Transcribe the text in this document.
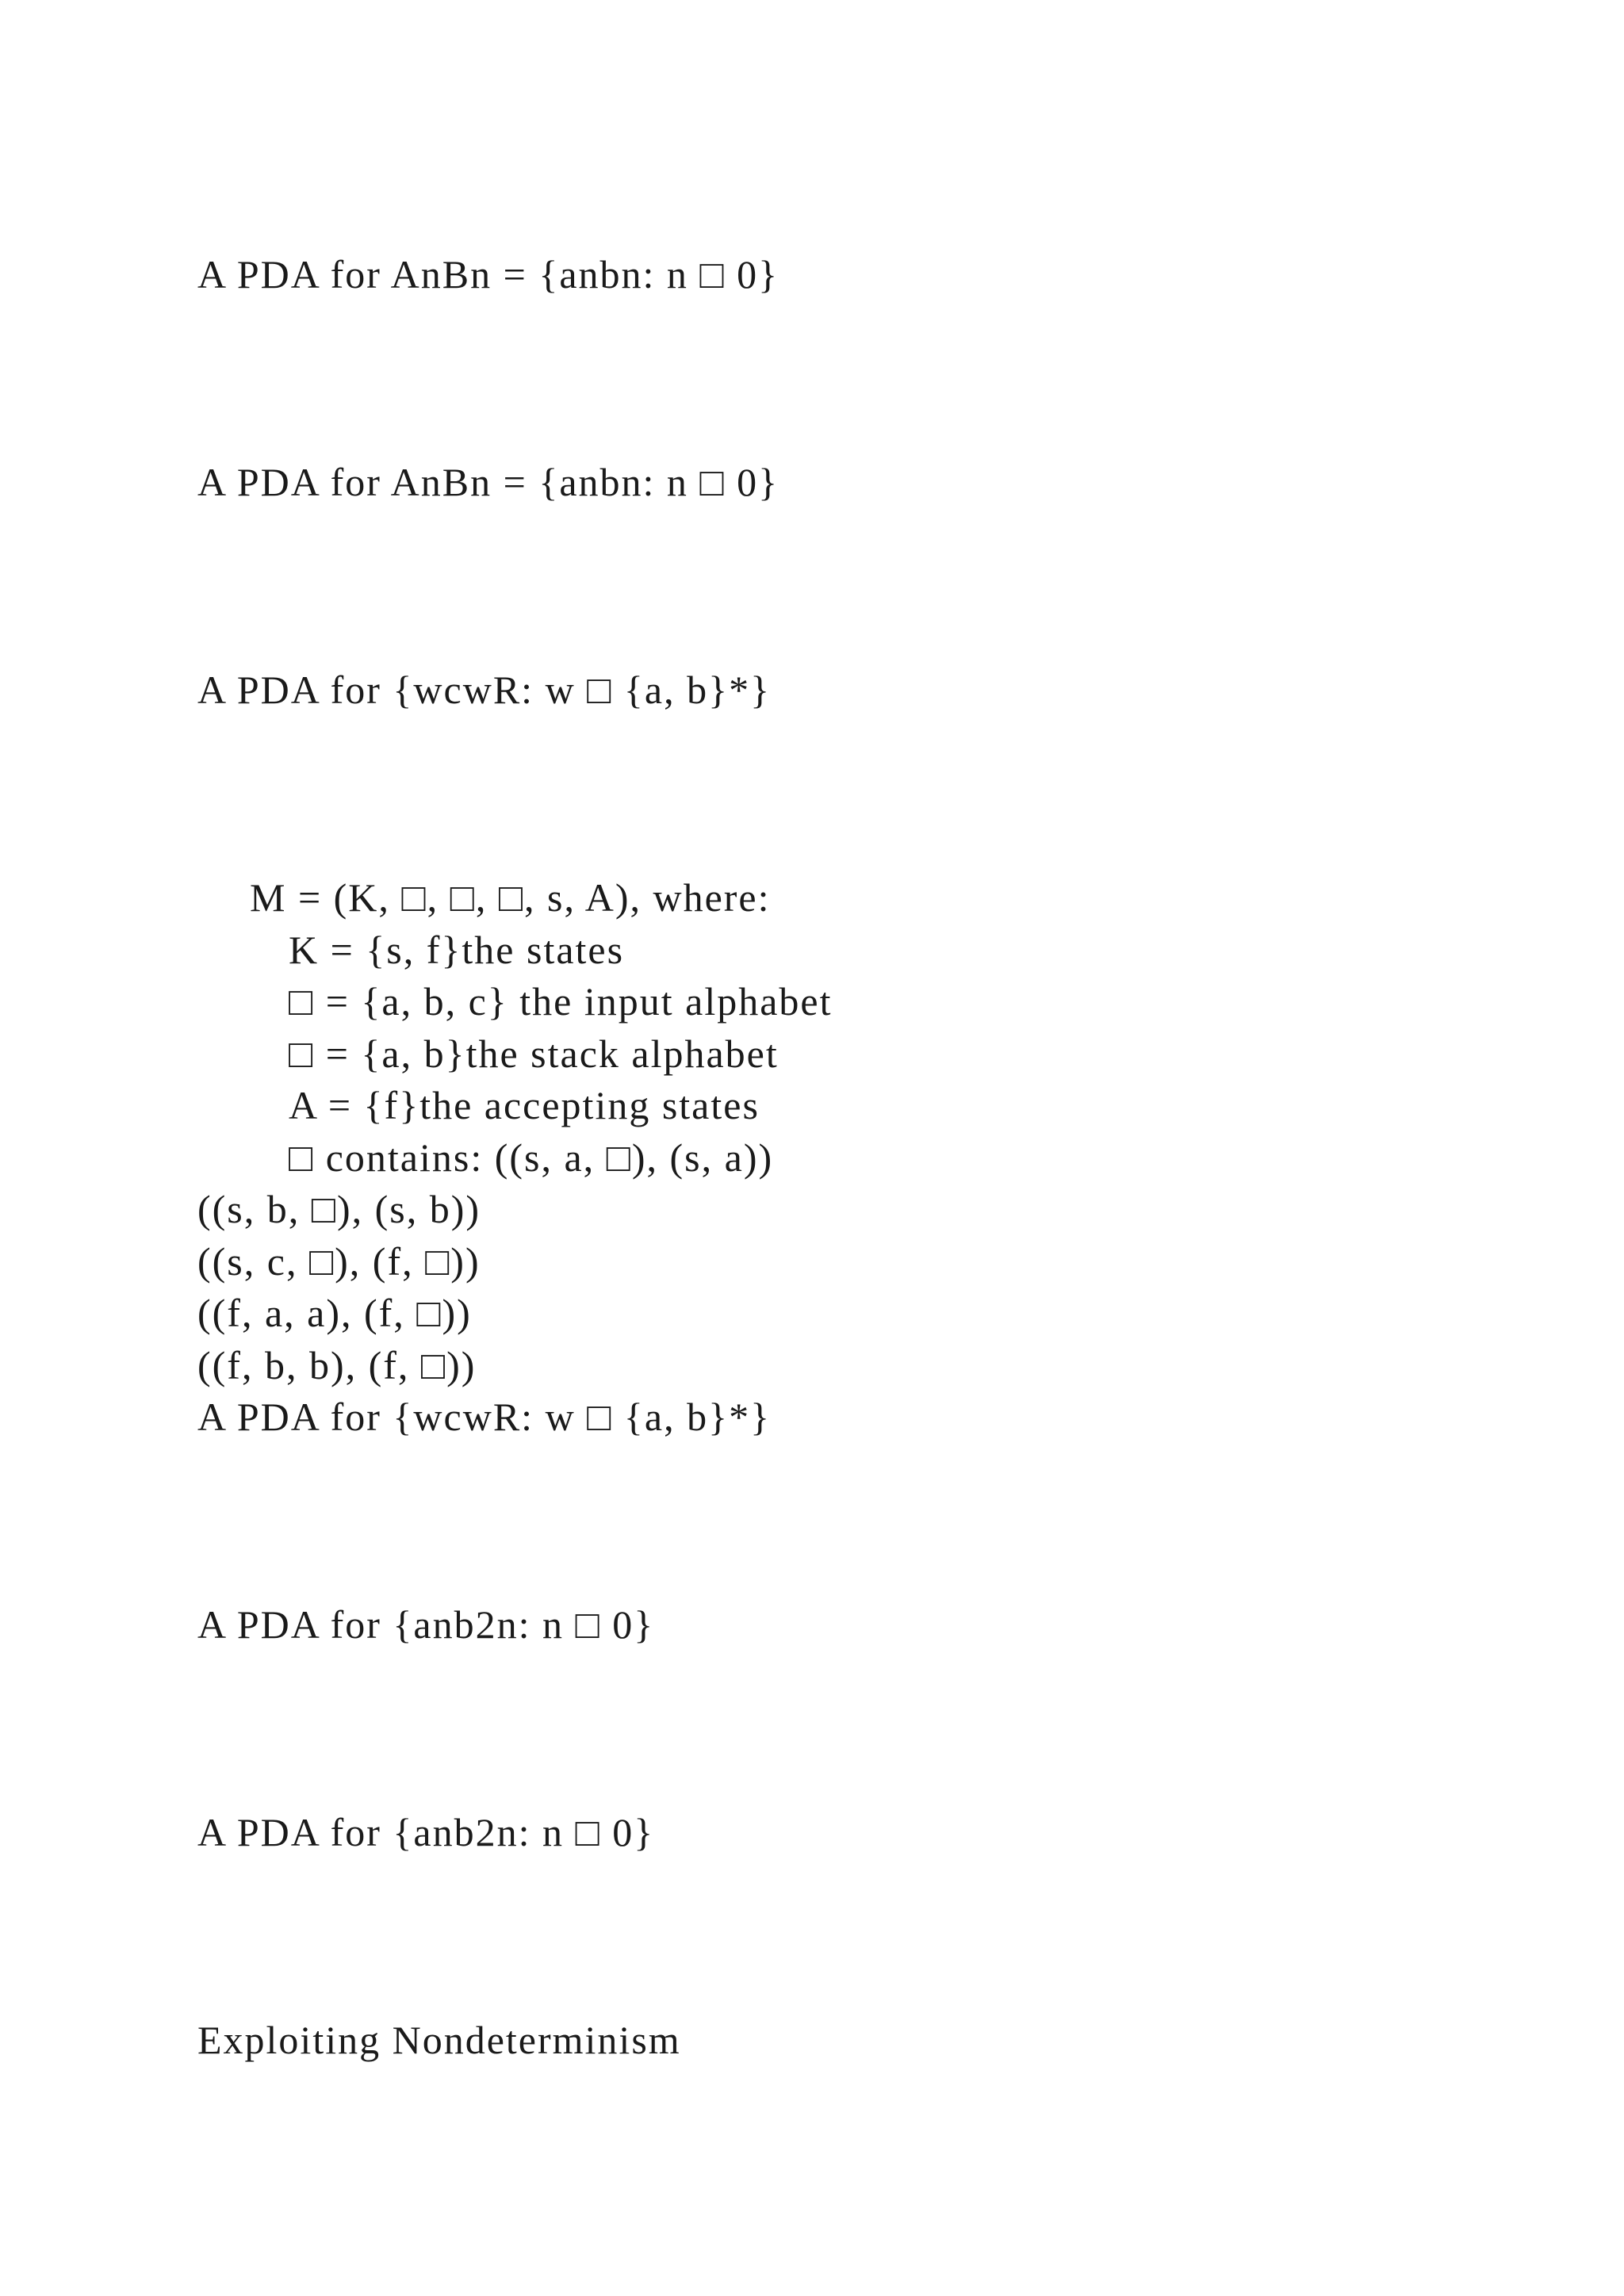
A PDA for AnBn = {anbn: n □ 0}

A PDA for AnBn = {anbn: n □ 0}

A PDA for {wcwR: w □ {a, b}*}

M = (K, □, □, □, s, A), where:

K = {s, f}the states

□ = {a, b, c} the input alphabet

□ = {a, b}the stack alphabet

A = {f}the accepting states

□ contains: ((s, a, □), (s, a))

((s, b, □), (s, b))

((s, c, □), (f, □))

((f, a, a), (f, □))

((f, b, b), (f, □))

A PDA for {wcwR: w □ {a, b}*}

A PDA for {anb2n: n □ 0}

A PDA for {anb2n: n □ 0}

Exploiting Nondeterminism
